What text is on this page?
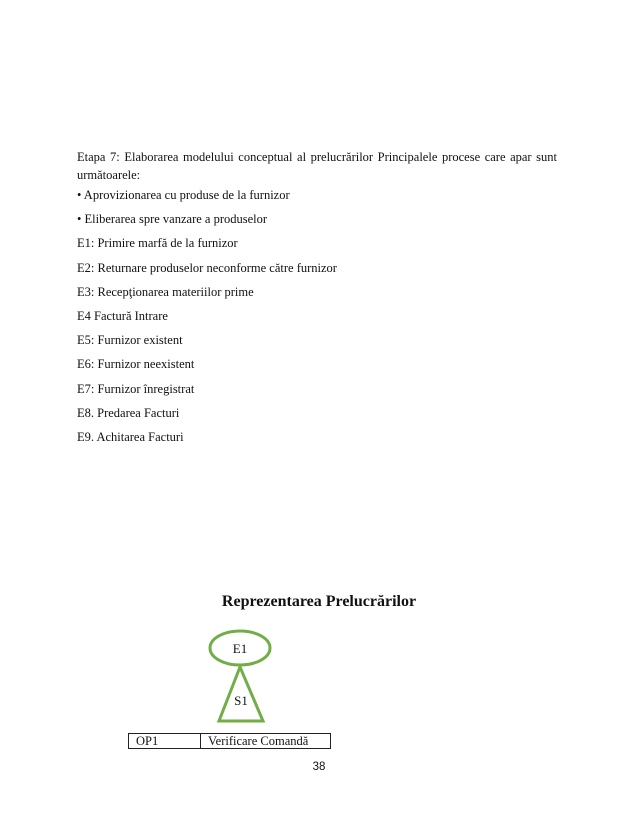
Etapa 7: Elaborarea modelului conceptual al prelucrărilor Principalele procese care apar sunt următoarele:

• Aprovizionarea cu produse de la furnizor
• Eliberarea spre vanzare a produselor
E1: Primire marfă de la furnizor
E2: Returnare produselor neconforme către furnizor
E3: Recepţionarea materiilor prime
E4 Factură Intrare
E5: Furnizor existent
E6: Furnizor neexistent
E7: Furnizor înregistrat
E8. Predarea Facturi
E9. Achitarea Facturi
Reprezentarea Prelucrărilor
E1
S1
OP1	Verificare Comandă
38
